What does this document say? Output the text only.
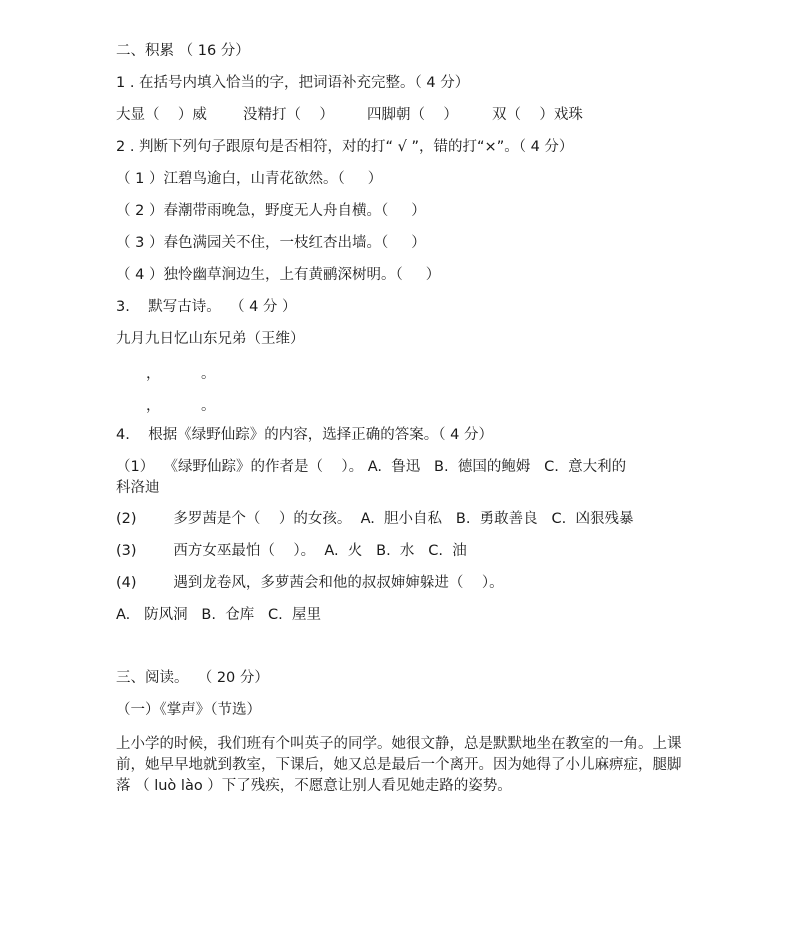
二、积累 （ 16 分）
1 . 在括号内填入恰当的字，把词语补充完整。（ 4 分）
大显（    ）威 没精打（    ） 四脚朝（    ） 双（    ）戏珠
2 . 判断下列句子跟原句是否相符，对的打“ √ ”，错的打“×”。（ 4 分）
（ 1 ）江碧鸟逾白，山青花欲然。（     ）
（ 2 ）春潮带雨晚急，野度无人舟自横。（     ）
（ 3 ）春色满园关不住，一枝红杏出墙。（     ）
（ 4 ）独怜幽草涧边生，上有黄鹂深树明。（     ）
3.    默写古诗。  （ 4 分 ）
九月九日忆山东兄弟（王维）
，	。
，	。
4.    根据《绿野仙踪》的内容，选择正确的答案。（ 4 分）
（1）  《绿野仙踪》的作者是（    ）。 A.  鲁迅   B.  德国的鲍姆   C.  意大利的
科洛迪
(2)        多罗茜是个（    ）的女孩。  A.  胆小自私   B.  勇敢善良   C.  凶狠残暴
(3)        西方女巫最怕（    ）。  A.  火   B.  水   C.  油
(4)        遇到龙卷风，多萝茜会和他的叔叔婶婶躲进（    ）。
A.   防风洞   B.  仓库   C.  屋里
三、阅读。  （ 20 分）
（一）《掌声》（节选）
上小学的时候，我们班有个叫英子的同学。她很文静，总是默默地坐在教室的一角。上课前，她早早地就到教室，下课后，她又总是最后一个离开。因为她得了小儿麻痹症，腿脚 落 （ luò lào ）下了残疾，不愿意让别人看见她走路的姿势。
